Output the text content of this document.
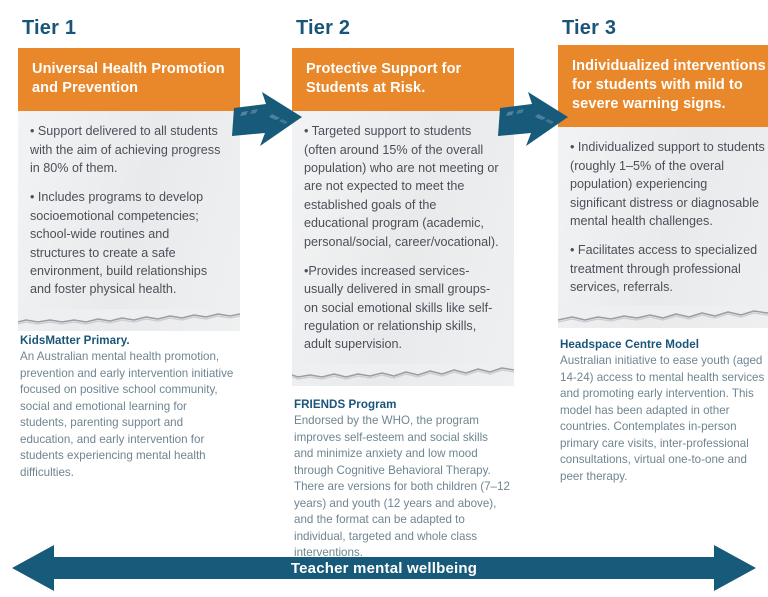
Tier 1
Universal Health Promotion and Prevention

• Support delivered to all students with the aim of achieving progress in 80% of them.

• Includes programs to develop socioemotional competencies; school-wide routines and structures to create a safe environment, build relationships and foster physical health.

KidsMatter Primary.
An Australian mental health promotion, prevention and early intervention initiative focused on positive school community, social and emotional learning for students, parenting support and education, and early intervention for students experiencing mental health difficulties.
Tier 2
Protective Support for Students at Risk.

• Targeted support to students (often around 15% of the overall population) who are not meeting or are not expected to meet the established goals of the educational program (academic, personal/social, career/vocational).

•Provides increased services-usually delivered in small groups- on social emotional skills like self-regulation or relationship skills, adult supervision.

FRIENDS Program
Endorsed by the WHO, the program improves self-esteem and social skills and minimize anxiety and low mood through Cognitive Behavioral Therapy. There are versions for both children (7–12 years) and youth (12 years and above), and the format can be adapted to individual, targeted and whole class interventions.
Tier 3
Individualized interventions for students with mild to severe warning signs.

• Individualized support to students (roughly 1–5% of the overal population) experiencing significant distress or diagnosable mental health challenges.

• Facilitates access to specialized treatment through professional services, referrals.

Headspace Centre Model
Australian initiative to ease youth (aged 14-24) access to mental health services and promoting early intervention. This model has been adapted in other countries. Contemplates in-person primary care visits, inter-professional consultations, virtual one-to-one and peer therapy.
Teacher mental wellbeing
